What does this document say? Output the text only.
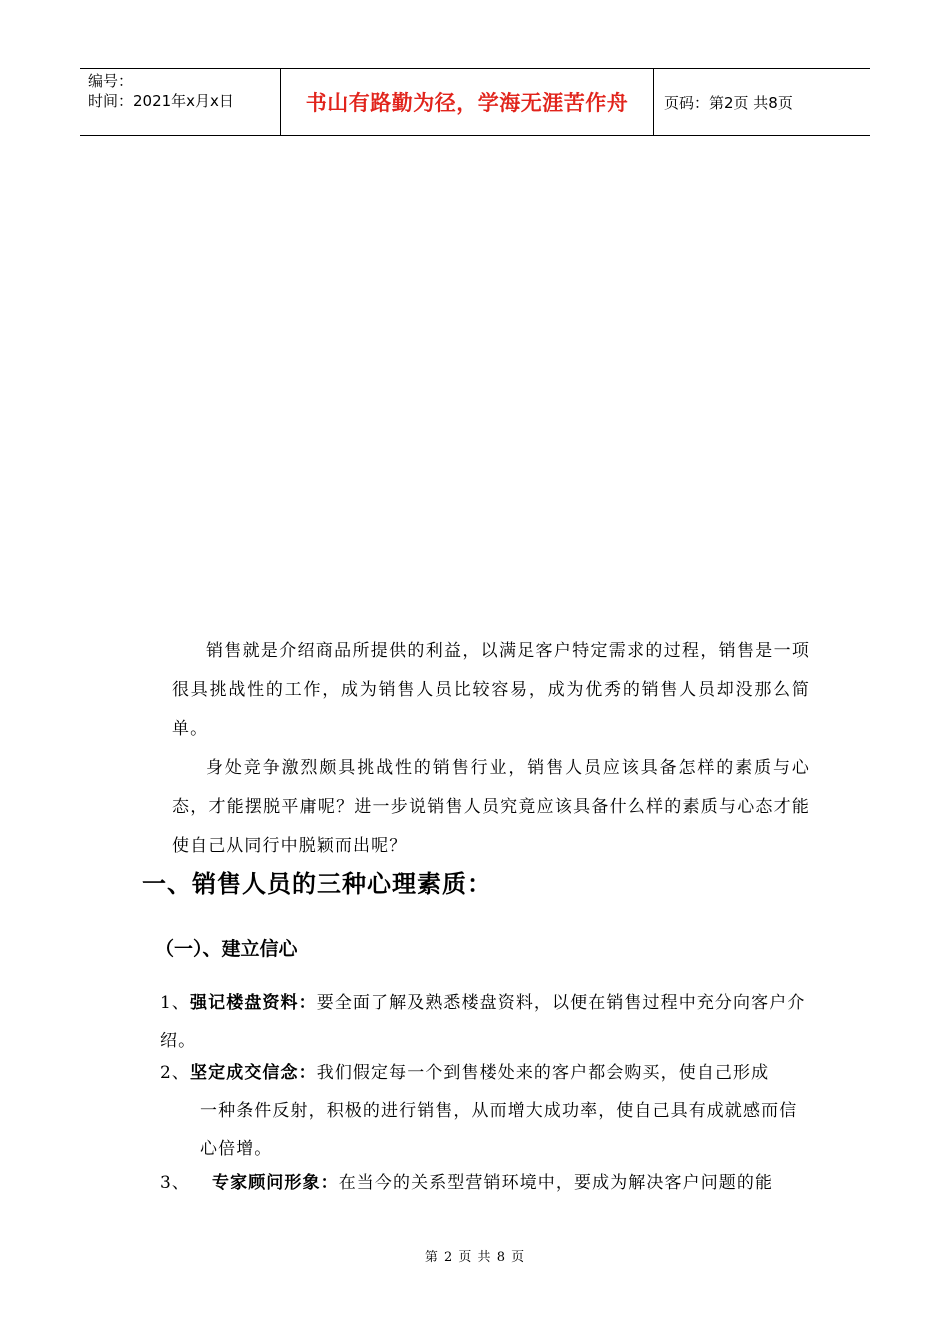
编号：
时间：2021年x月x日	书山有路勤为径，学海无涯苦作舟	页码：第2页 共8页

销售就是介绍商品所提供的利益，以满足客户特定需求的过程，销售是一项很具挑战性的工作，成为销售人员比较容易，成为优秀的销售人员却没那么简单。

身处竞争激烈颇具挑战性的销售行业，销售人员应该具备怎样的素质与心态，才能摆脱平庸呢？进一步说销售人员究竟应该具备什么样的素质与心态才能使自己从同行中脱颖而出呢？

一、销售人员的三种心理素质：
（一）、建立信心
1、强记楼盘资料：要全面了解及熟悉楼盘资料，以便在销售过程中充分向客户介绍。
2、坚定成交信念：我们假定每一个到售楼处来的客户都会购买，使自己形成
一种条件反射，积极的进行销售，从而增大成功率，使自己具有成就感而信心倍增。
3、 专家顾问形象：在当今的关系型营销环境中，要成为解决客户问题的能
第 2 页 共 8 页
